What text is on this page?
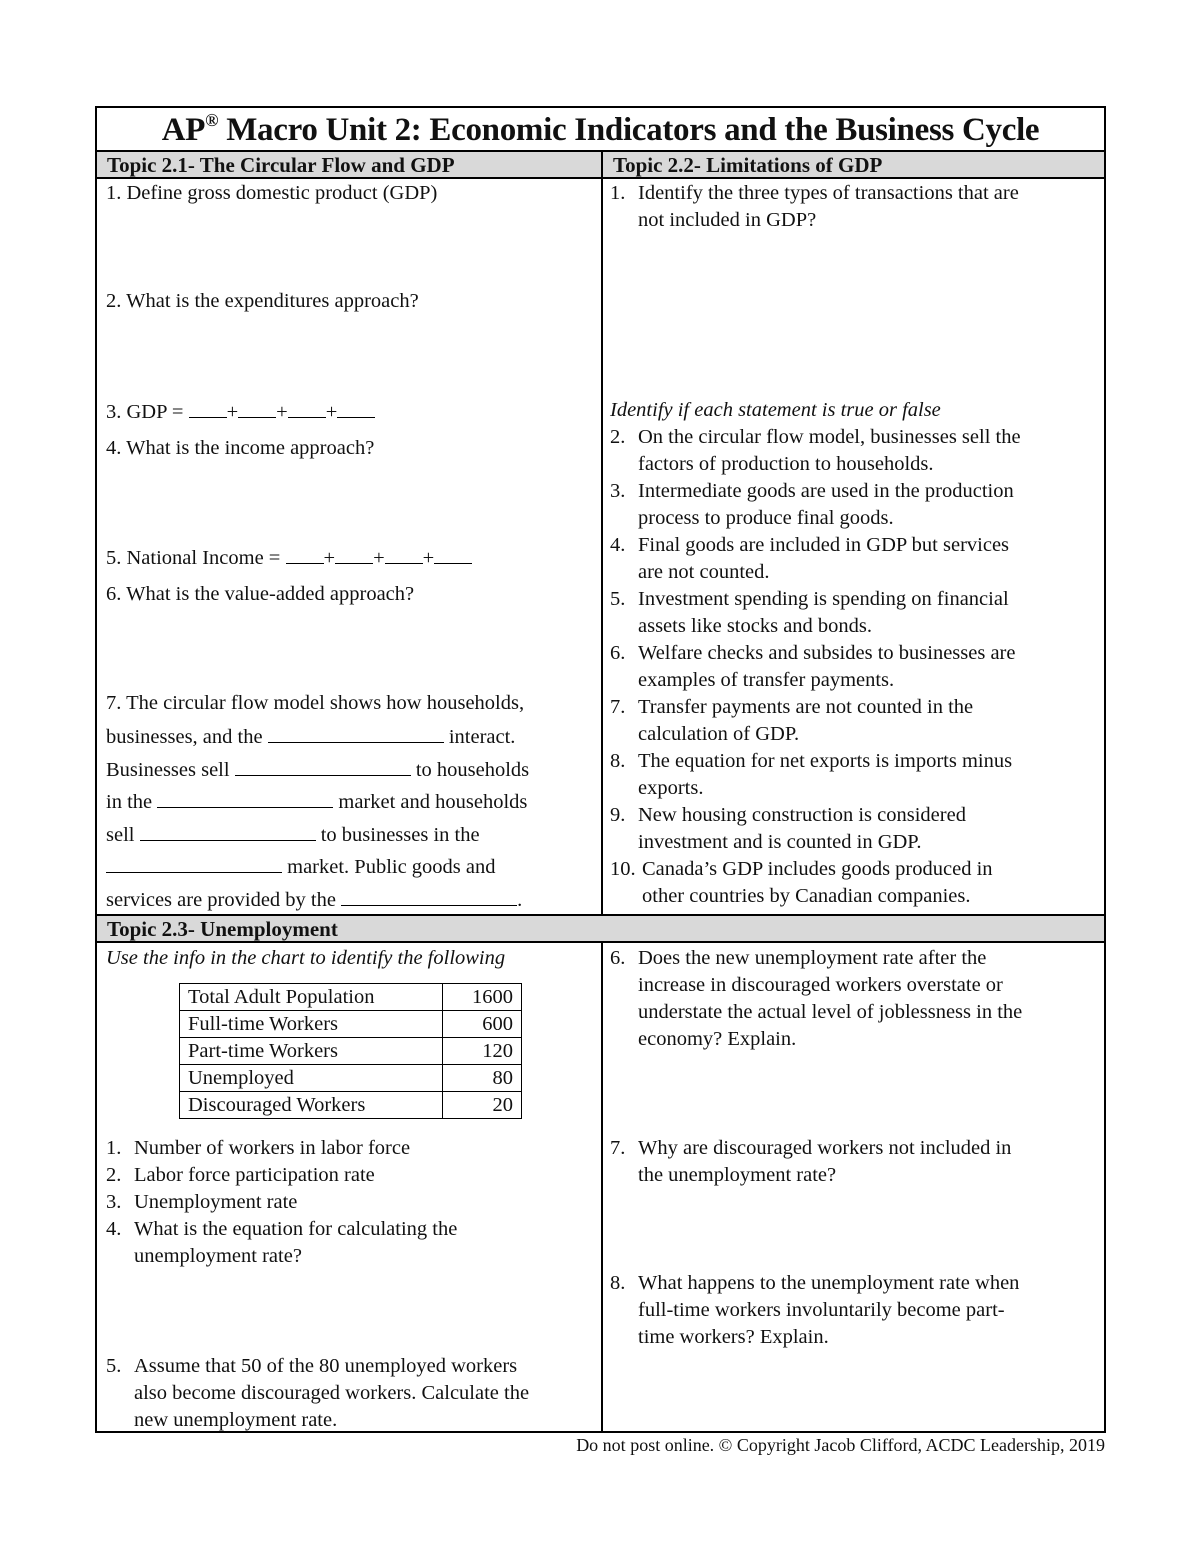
AP® Macro Unit 2: Economic Indicators and the Business Cycle
Topic 2.1- The Circular Flow and GDP	Topic 2.2- Limitations of GDP
Topic 2.3- Unemployment
1. Define gross domestic product (GDP)
2. What is the expenditures approach?
3. GDP = + + +
4. What is the income approach?
5. National Income = + + +
6. What is the value-added approach?
7. The circular flow model shows how households,
businesses, and the	interact.
Businesses sell	to households
in the	market and households
sell	to businesses in the
market. Public goods and
services are provided by the	.
1. Identify the three types of transactions that are
not included in GDP?
Identify if each statement is true or false
2. On the circular flow model, businesses sell the
factors of production to households.
3. Intermediate goods are used in the production
process to produce final goods.
4. Final goods are included in GDP but services
are not counted.
5. Investment spending is spending on financial
assets like stocks and bonds.
6. Welfare checks and subsides to businesses are
examples of transfer payments.
7. Transfer payments are not counted in the
calculation of GDP.
8. The equation for net exports is imports minus
exports.
9. New housing construction is considered
investment and is counted in GDP.
10. Canada’s GDP includes goods produced in
other countries by Canadian companies.
Use the info in the chart to identify the following
Total Adult Population	1600
Full-time Workers	600
Part-time Workers	120
Unemployed	80
Discouraged Workers	20
1. Number of workers in labor force
2. Labor force participation rate
3. Unemployment rate
4. What is the equation for calculating the
unemployment rate?
5. Assume that 50 of the 80 unemployed workers
also become discouraged workers. Calculate the
new unemployment rate.
6. Does the new unemployment rate after the
increase in discouraged workers overstate or
understate the actual level of joblessness in the
economy? Explain.
7. Why are discouraged workers not included in
the unemployment rate?
8. What happens to the unemployment rate when
full-time workers involuntarily become part-
time workers? Explain.
Do not post online. © Copyright Jacob Clifford, ACDC Leadership, 2019
